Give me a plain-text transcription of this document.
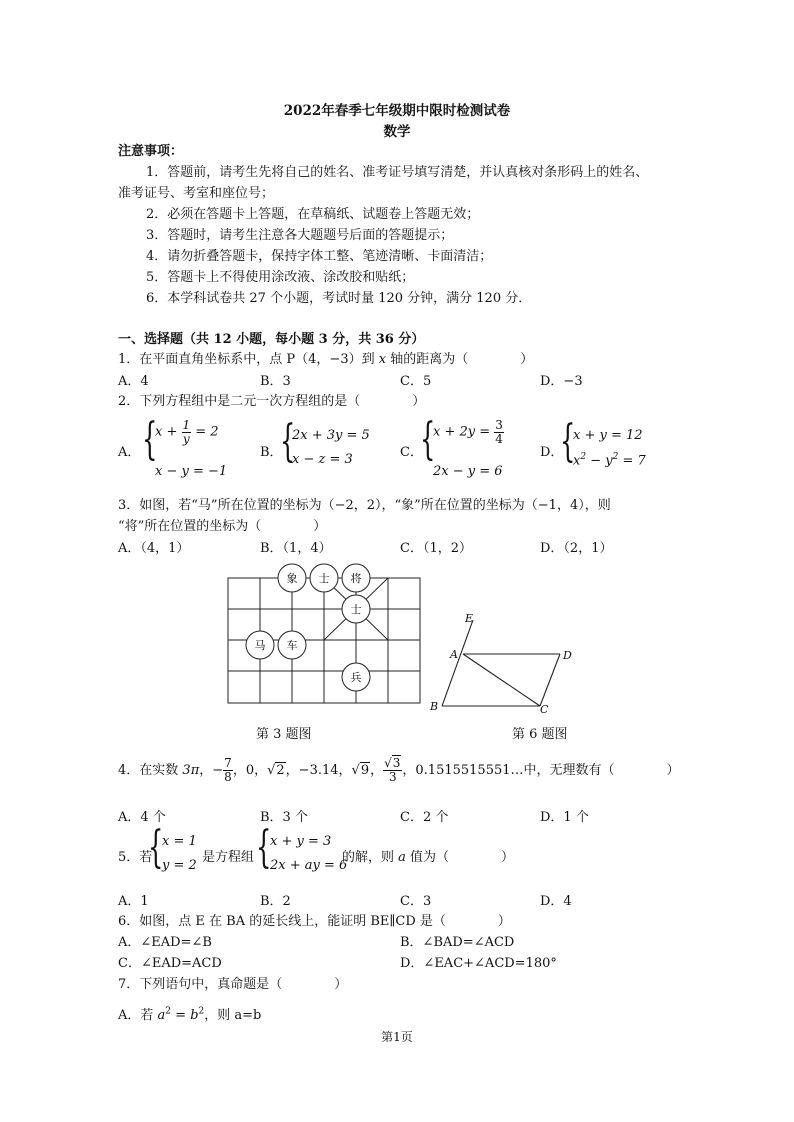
2022年春季七年级期中限时检测试卷
数学
注意事项：
1．答题前，请考生先将自己的姓名、准考证号填写清楚，并认真核对条形码上的姓名、
准考证号、考室和座位号；
2．必须在答题卡上答题，在草稿纸、试题卷上答题无效；
3．答题时，请考生注意各大题题号后面的答题提示；
4．请勿折叠答题卡，保持字体工整、笔迹清晰、卡面清洁；
5．答题卡上不得使用涂改液、涂改胶和贴纸；
6．本学科试卷共 27 个小题，考试时量 120 分钟，满分 120 分．
一、选择题（共 12 小题，每小题 3 分，共 36 分）
1．在平面直角坐标系中，点 P（4，−3）到 x 轴的距离为（　　　　）
A．4	B．3	C．5	D．−3
2．下列方程组中是二元一次方程组的是（　　　　）
A． {
$x + \frac{1}{y} = 2$
x − y = −1
B．
{
2x + 3y = 5
x − z = 3	C．
{
$x + 2y = \frac{3}{4}$
2x − y = 6
D．
{
x + y = 12
$x^2 - y^2 = 7$
3．如图，若“马”所在位置的坐标为（−2，2），“象”所在位置的坐标为（−1，4），则
“将”所在位置的坐标为（　　　　）
A．（4，1）	B．（1，4）	C．（1，2）	D．（2，1）
象 士 将
士
马 车
兵
第 3 题图
E
A	D
B	C
第 6 题图
4．在实数 3π，− $\frac{7}{8}$ ，0，√2，−3.14，√9， $\frac{√3}{3}$ ，0.1515515551…中，无理数有（　　　　）
A．4 个	B．3 个	C．2 个	D．1 个
5．若
{
x = 1
y = 2
是方程组 {
x + y = 3
2x + ay = 6
的解，则 a 值为（　　　　）
A．1	B．2	C．3	D．4
6．如图，点 E 在 BA 的延长线上，能证明 BE∥CD 是（　　　　）
A．∠EAD=∠B	B．∠BAD=∠ACD
C．∠EAD=ACD	D．∠EAC+∠ACD=180°
7．下列语句中，真命题是（　　　　）
A．若 $a^2 = b^2$，则 a=b
第1页
